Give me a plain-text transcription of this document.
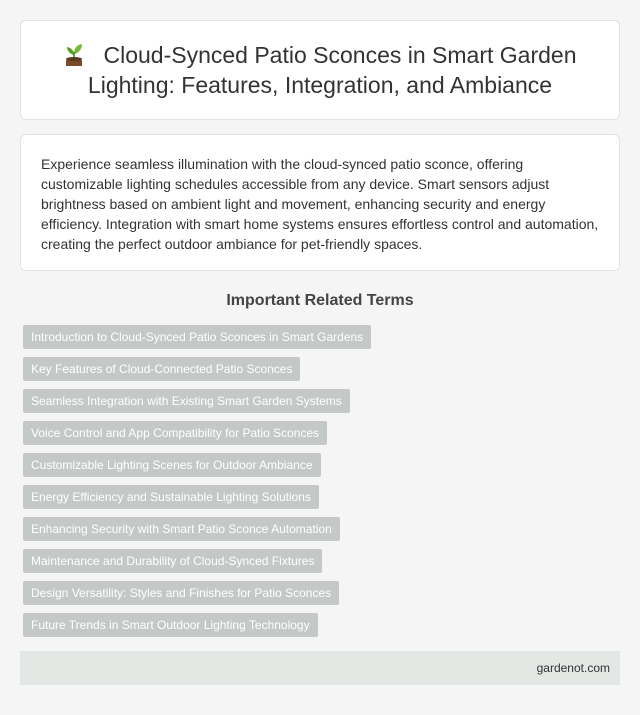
Cloud-Synced Patio Sconces in Smart Garden Lighting: Features, Integration, and Ambiance

Experience seamless illumination with the cloud-synced patio sconce, offering customizable lighting schedules accessible from any device. Smart sensors adjust brightness based on ambient light and movement, enhancing security and energy efficiency. Integration with smart home systems ensures effortless control and automation, creating the perfect outdoor ambiance for pet-friendly spaces.

Important Related Terms
Introduction to Cloud-Synced Patio Sconces in Smart Gardens
Key Features of Cloud-Connected Patio Sconces
Seamless Integration with Existing Smart Garden Systems
Voice Control and App Compatibility for Patio Sconces
Customizable Lighting Scenes for Outdoor Ambiance
Energy Efficiency and Sustainable Lighting Solutions
Enhancing Security with Smart Patio Sconce Automation
Maintenance and Durability of Cloud-Synced Fixtures
Design Versatility: Styles and Finishes for Patio Sconces
Future Trends in Smart Outdoor Lighting Technology
gardenot.com
